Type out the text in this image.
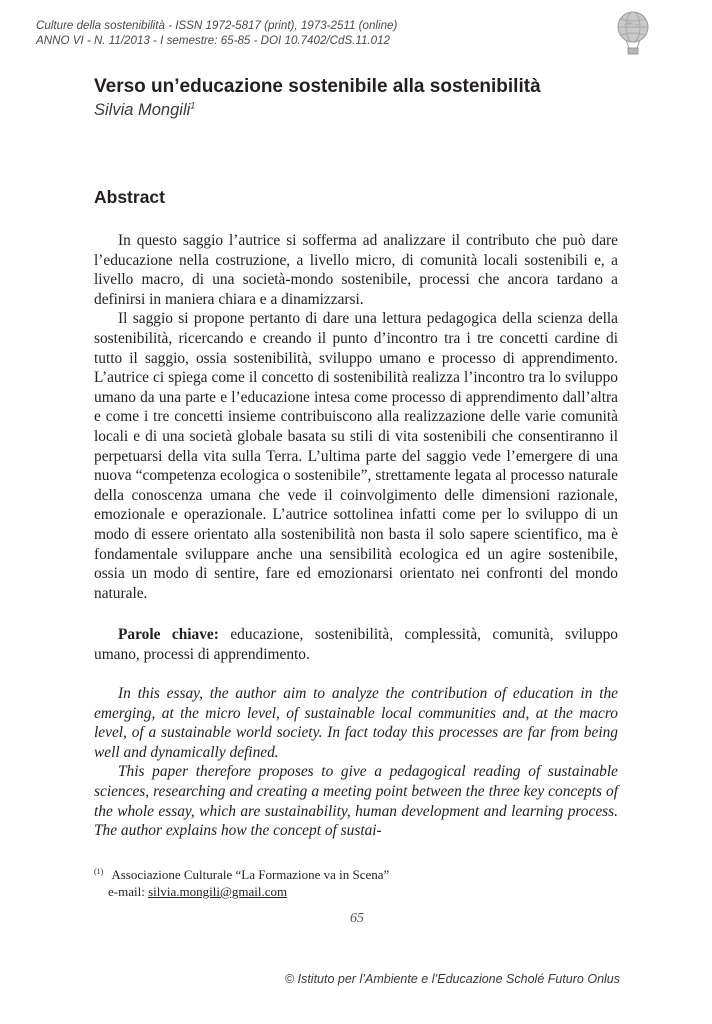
Culture della sostenibilità - ISSN 1972-5817 (print), 1973-2511 (online)
ANNO VI - N. 11/2013 - I semestre: 65-85 - DOI 10.7402/CdS.11.012
Verso un’educazione sostenibile alla sostenibilità
Silvia Mongili$^1$
Abstract

In questo saggio l’autrice si sofferma ad analizzare il contributo che può dare l’educazione nella costruzione, a livello micro, di comunità locali sostenibili e, a livello macro, di una società-mondo sostenibile, processi che ancora tardano a definirsi in maniera chiara e a dinamizzarsi.

Il saggio si propone pertanto di dare una lettura pedagogica della scienza della sostenibilità, ricercando e creando il punto d’incontro tra i tre concetti cardine di tutto il saggio, ossia sostenibilità, sviluppo umano e processo di apprendimento. L’autrice ci spiega come il concetto di sostenibilità realizza l’incontro tra lo sviluppo umano da una parte e l’educazione intesa come processo di apprendimento dall’altra e come i tre concetti insieme contribuiscono alla realizzazione delle varie comunità locali e di una società globale basata su stili di vita sostenibili che consentiranno il perpetuarsi della vita sulla Terra. L’ultima parte del saggio vede l’emergere di una nuova “competenza ecologica o sostenibile”, strettamente legata al processo naturale della conoscenza umana che vede il coinvolgimento delle dimensioni razionale, emozionale e operazionale. L’autrice sottolinea infatti come per lo sviluppo di un modo di essere orientato alla sostenibilità non basta il solo sapere scientifico, ma è fondamentale sviluppare anche una sensibilità ecologica ed un agire sostenibile, ossia un modo di sentire, fare ed emozionarsi orientato nei confronti del mondo naturale.

Parole chiave: educazione, sostenibilità, complessità, comunità, sviluppo umano, processi di apprendimento.

In this essay, the author aim to analyze the contribution of education in the emerging, at the micro level, of sustainable local communities and, at the macro level, of a sustainable world society. In fact today this processes are far from being well and dynamically defined.

This paper therefore proposes to give a pedagogical reading of sustainable sciences, researching and creating a meeting point between the three key concepts of the whole essay, which are sustainability, human development and learning process. The author explains how the concept of sustai-

$^{(1)}$ Associazione Culturale “La Formazione va in Scena”
e-mail: silvia.mongili@gmail.com
65
© Istituto per l’Ambiente e l’Educazione Scholé Futuro Onlus
